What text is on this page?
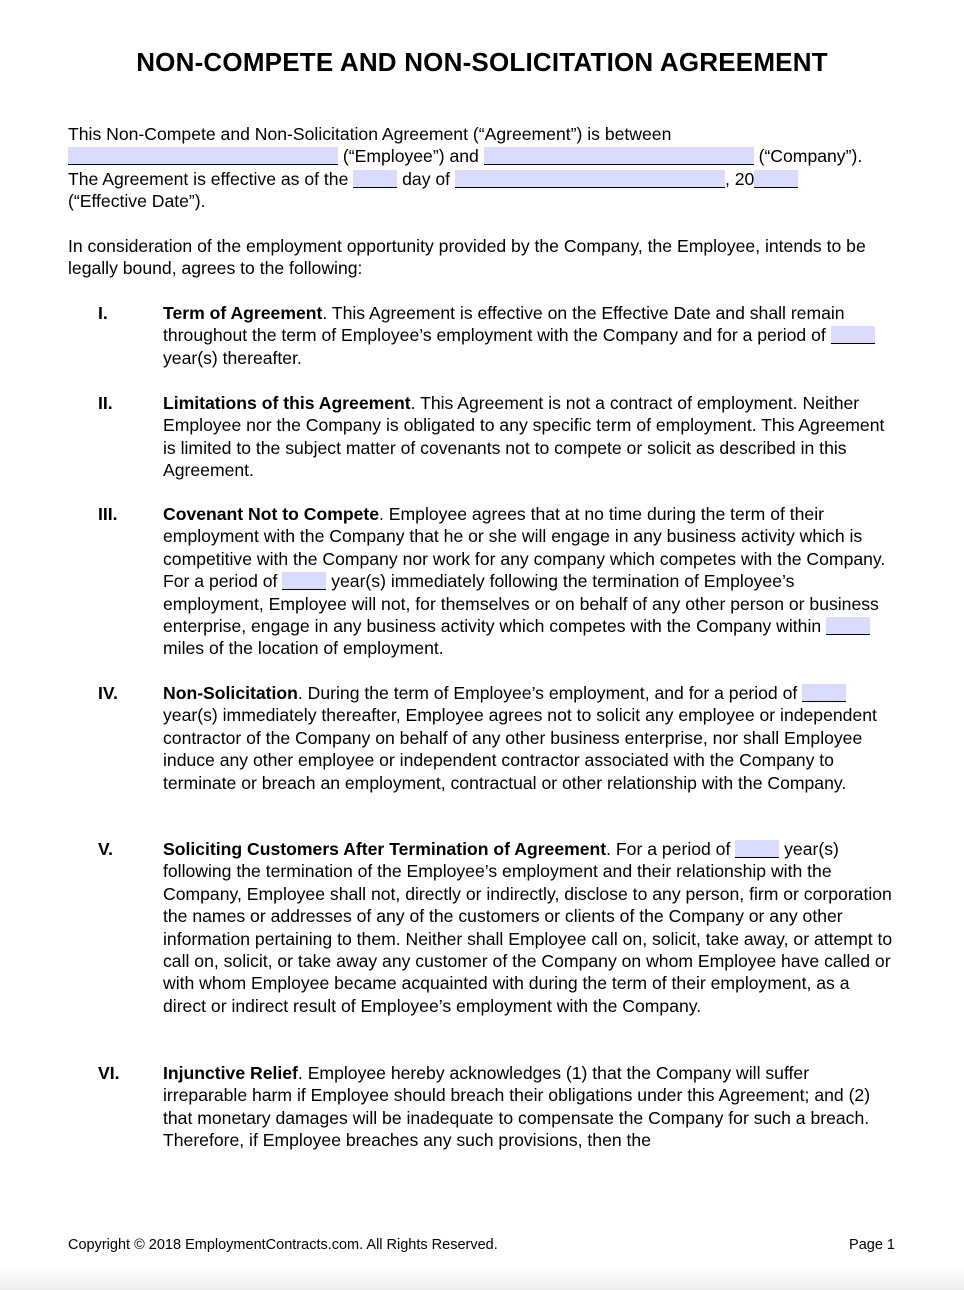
NON-COMPETE AND NON-SOLICITATION AGREEMENT
This Non-Compete and Non-Solicitation Agreement (“Agreement”) is between
(“Employee”) and	(“Company”).
The Agreement is effective as of the	day of	, 20
(“Effective Date”).
In consideration of the employment opportunity provided by the Company, the Employee, intends to be legally bound, agrees to the following:
I.	Term of Agreement. This Agreement is effective on the Effective Date and shall remain throughout the term of Employee’s employment with the Company and for a period of  year(s) thereafter.
II.	Limitations of this Agreement. This Agreement is not a contract of employment. Neither Employee nor the Company is obligated to any specific term of employment. This Agreement is limited to the subject matter of covenants not to compete or solicit as described in this Agreement.
III.	Covenant Not to Compete. Employee agrees that at no time during the term of their employment with the Company that he or she will engage in any business activity which is competitive with the Company nor work for any company which competes with the Company. For a period of	year(s) immediately following the termination of Employee’s employment, Employee will not, for themselves or on behalf of any other person or business enterprise, engage in any business activity which competes with the Company within  miles of the location of employment.
IV.	Non-Solicitation. During the term of Employee’s employment, and for a period of  year(s) immediately thereafter, Employee agrees not to solicit any employee or independent contractor of the Company on behalf of any other business enterprise, nor shall Employee induce any other employee or independent contractor associated with the Company to terminate or breach an employment, contractual or other relationship with the Company.
V.	Soliciting Customers After Termination of Agreement. For a period of	year(s) following the termination of the Employee’s employment and their relationship with the Company, Employee shall not, directly or indirectly, disclose to any person, firm or corporation the names or addresses of any of the customers or clients of the Company or any other information pertaining to them. Neither shall Employee call on, solicit, take away, or attempt to call on, solicit, or take away any customer of the Company on whom Employee have called or with whom Employee became acquainted with during the term of their employment, as a direct or indirect result of Employee’s employment with the Company.
VI. Injunctive Relief. Employee hereby acknowledges (1) that the Company will suffer irreparable harm if Employee should breach their obligations under this Agreement; and (2) that monetary damages will be inadequate to compensate the Company for such a breach. Therefore, if Employee breaches any such provisions, then the
Copyright © 2018 EmploymentContracts.com. All Rights Reserved.	Page 1
